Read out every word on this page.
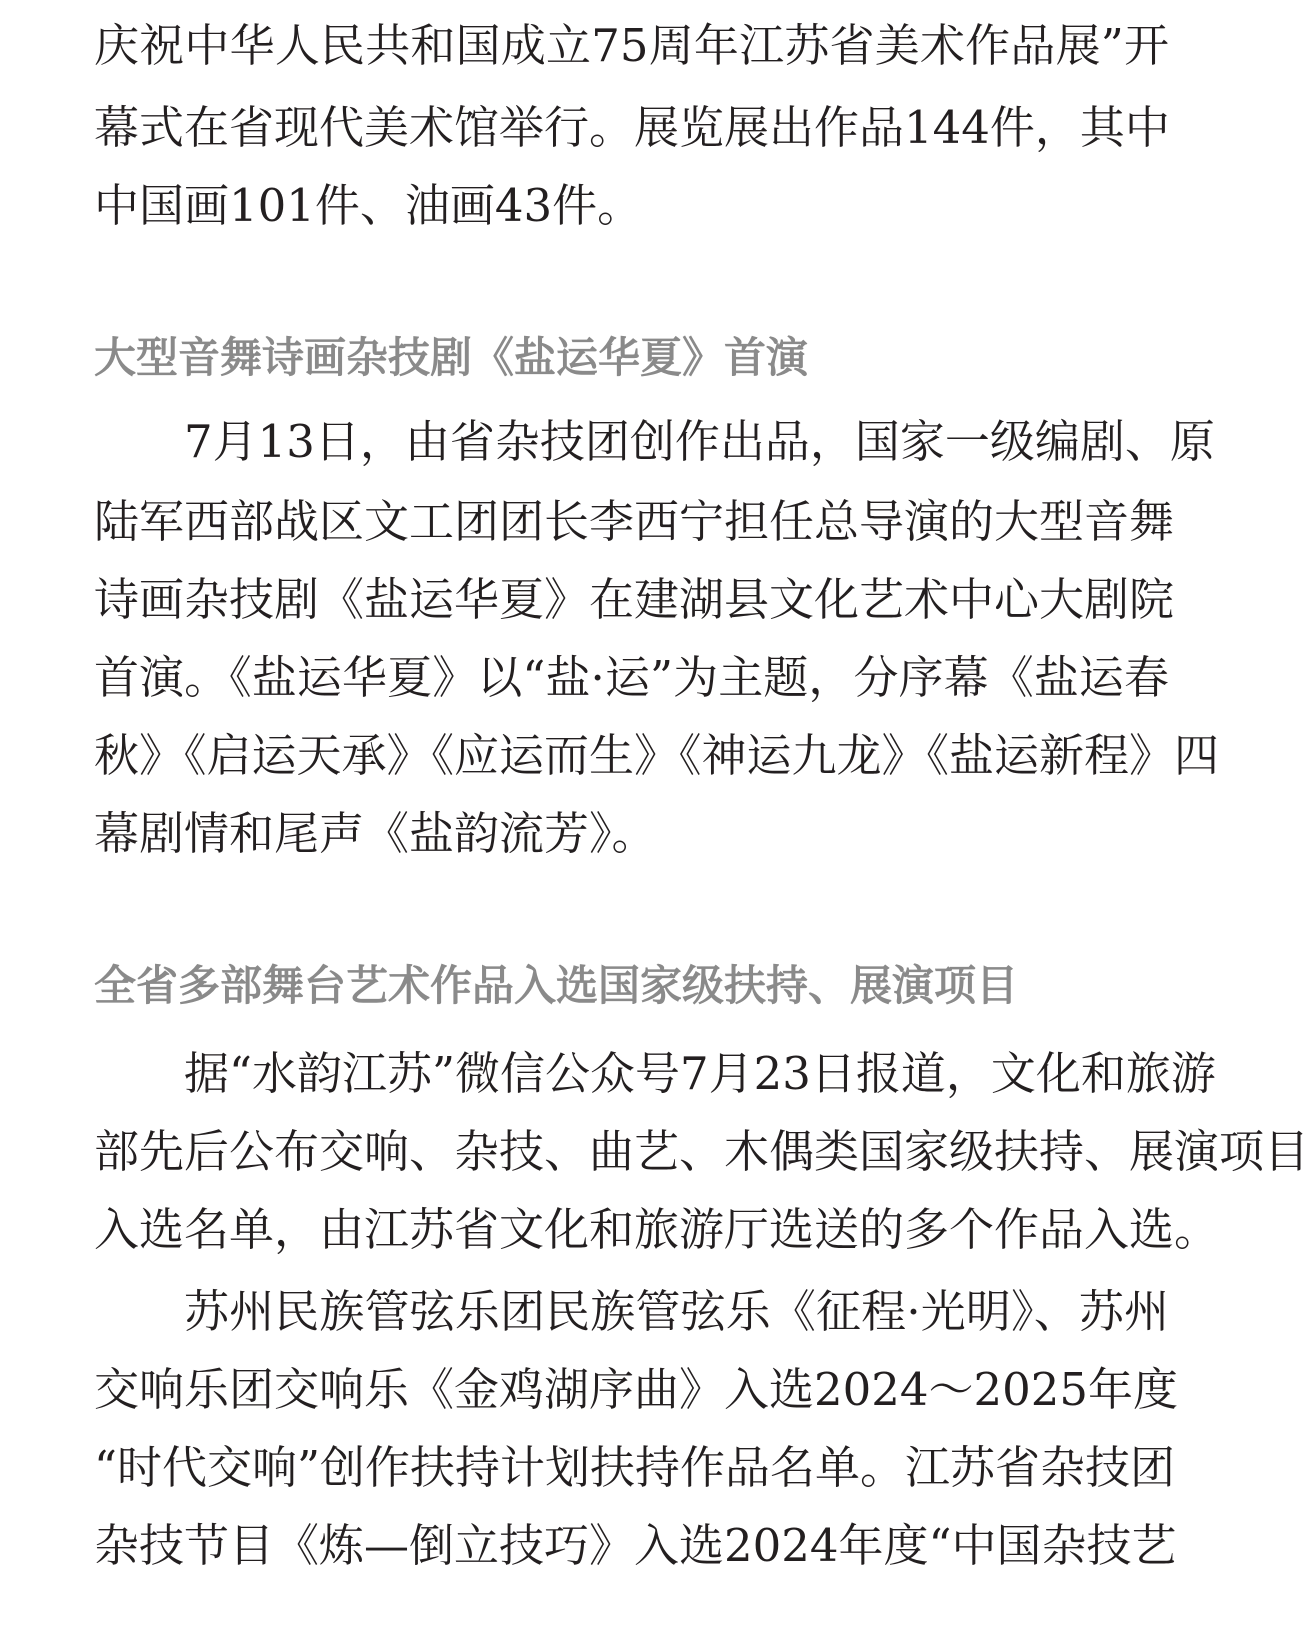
庆祝中华人民共和国成立75周年江苏省美术作品展”开
幕式在省现代美术馆举行。展览展出作品144件，其中
中国画101件、油画43件。
大型音舞诗画杂技剧《盐运华夏》首演
7月13日，由省杂技团创作出品，国家一级编剧、原
陆军西部战区文工团团长李西宁担任总导演的大型音舞
诗画杂技剧《盐运华夏》在建湖县文化艺术中心大剧院
首演。《盐运华夏》以“盐·运”为主题，分序幕《盐运春
秋》《启运天承》《应运而生》《神运九龙》《盐运新程》四
幕剧情和尾声《盐韵流芳》。
全省多部舞台艺术作品入选国家级扶持、展演项目
据“水韵江苏”微信公众号7月23日报道，文化和旅游
部先后公布交响、杂技、曲艺、木偶类国家级扶持、展演项目
入选名单，由江苏省文化和旅游厅选送的多个作品入选。
苏州民族管弦乐团民族管弦乐《征程·光明》、苏州
交响乐团交响乐《金鸡湖序曲》入选2024～2025年度
“时代交响”创作扶持计划扶持作品名单。江苏省杂技团
杂技节目《炼—倒立技巧》入选2024年度“中国杂技艺
